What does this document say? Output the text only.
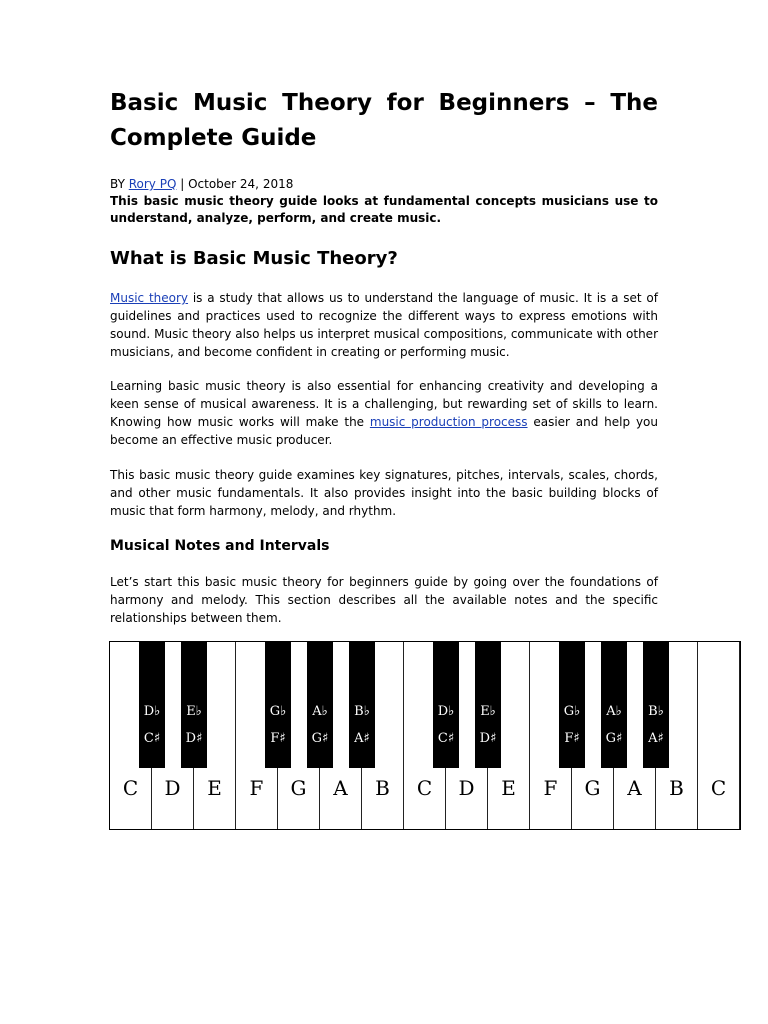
Basic Music Theory for Beginners – The Complete Guide
BY Rory PQ | October 24, 2018
This basic music theory guide looks at fundamental concepts musicians use to understand, analyze, perform, and create music.
What is Basic Music Theory?

Music theory is a study that allows us to understand the language of music. It is a set of guidelines and practices used to recognize the different ways to express emotions with sound. Music theory also helps us interpret musical compositions, communicate with other musicians, and become confident in creating or performing music.

Learning basic music theory is also essential for enhancing creativity and developing a keen sense of musical awareness. It is a challenging, but rewarding set of skills to learn. Knowing how music works will make the music production process easier and help you become an effective music producer.

This basic music theory guide examines key signatures, pitches, intervals, scales, chords, and other music fundamentals. It also provides insight into the basic building blocks of music that form harmony, melody, and rhythm.

Musical Notes and Intervals

Let’s start this basic music theory for beginners guide by going over the foundations of harmony and melody. This section describes all the available notes and the specific relationships between them.

C	D	E	F	G	A	B	C	D	E	F	G	A	B	C
D♭
C♯
E♭
D♯
G♭
F♯
A♭
G♯
B♭
A♯
D♭
C♯
E♭
D♯
G♭
F♯
A♭
G♯
B♭
A♯
